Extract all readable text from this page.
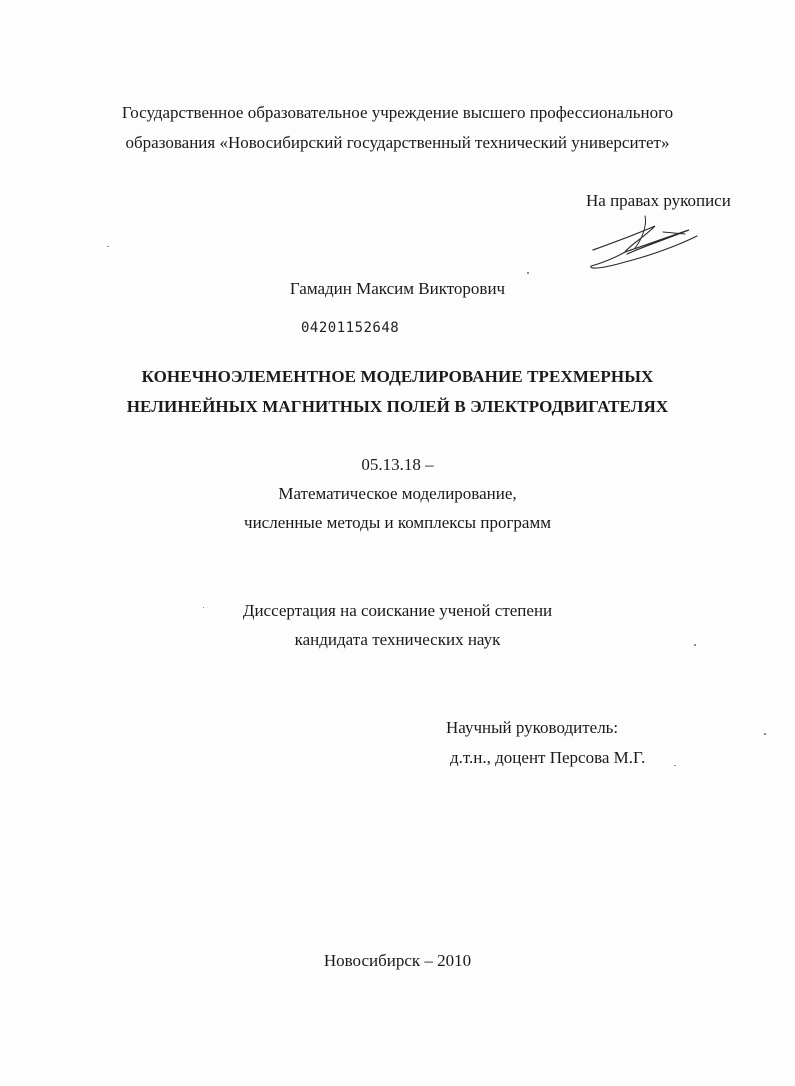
Государственное образовательное учреждение высшего профессионального
образования «Новосибирский государственный технический университет»
На правах рукописи
Гамадин Максим Викторович
04201152648
КОНЕЧНОЭЛЕМЕНТНОЕ МОДЕЛИРОВАНИЕ ТРЕХМЕРНЫХ
НЕЛИНЕЙНЫХ МАГНИТНЫХ ПОЛЕЙ В ЭЛЕКТРОДВИГАТЕЛЯХ
05.13.18 –
Математическое моделирование,
численные методы и комплексы программ
Диссертация на соискание ученой степени
кандидата технических наук
Научный руководитель:
д.т.н., доцент Персова М.Г.
Новосибирск – 2010
